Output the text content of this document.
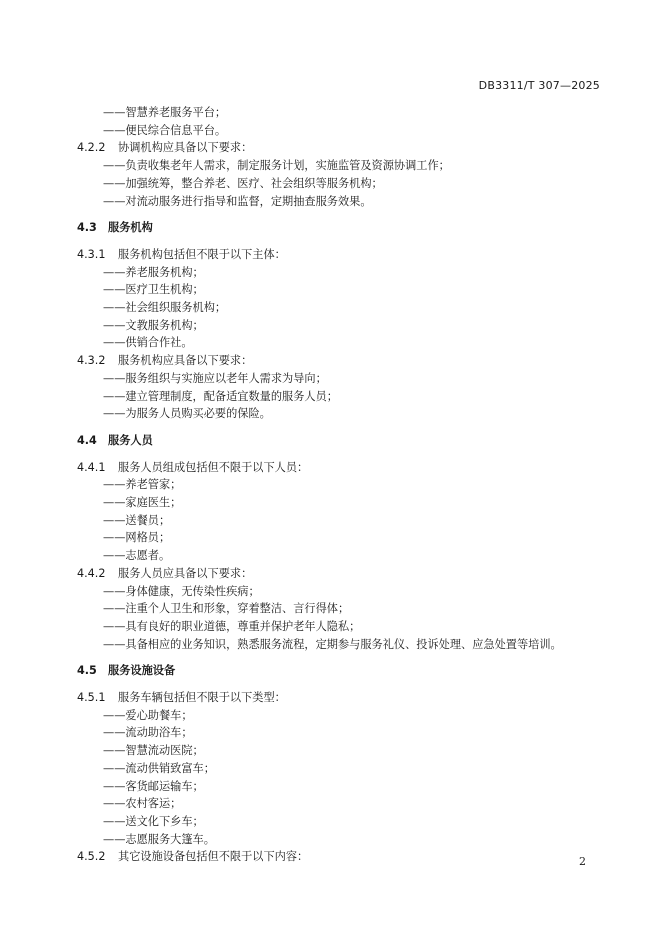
DB3311/T 307—2025
——智慧养老服务平台；
——便民综合信息平台。
4.2.2 协调机构应具备以下要求：
——负责收集老年人需求，制定服务计划，实施监管及资源协调工作；
——加强统筹，整合养老、医疗、社会组织等服务机构；
——对流动服务进行指导和监督，定期抽查服务效果。
4.3 服务机构
4.3.1 服务机构包括但不限于以下主体：
——养老服务机构；
——医疗卫生机构；
——社会组织服务机构；
——文教服务机构；
——供销合作社。
4.3.2 服务机构应具备以下要求：
——服务组织与实施应以老年人需求为导向；
——建立管理制度，配备适宜数量的服务人员；
——为服务人员购买必要的保险。
4.4 服务人员
4.4.1 服务人员组成包括但不限于以下人员：
——养老管家；
——家庭医生；
——送餐员；
——网格员；
——志愿者。
4.4.2 服务人员应具备以下要求：
——身体健康，无传染性疾病；
——注重个人卫生和形象，穿着整洁、言行得体；
——具有良好的职业道德，尊重并保护老年人隐私；
——具备相应的业务知识，熟悉服务流程，定期参与服务礼仪、投诉处理、应急处置等培训。
4.5 服务设施设备
4.5.1 服务车辆包括但不限于以下类型：
——爱心助餐车；
——流动助浴车；
——智慧流动医院；
——流动供销致富车；
——客货邮运输车；
——农村客运；
——送文化下乡车；
——志愿服务大篷车。
4.5.2 其它设施设备包括但不限于以下内容：	2
